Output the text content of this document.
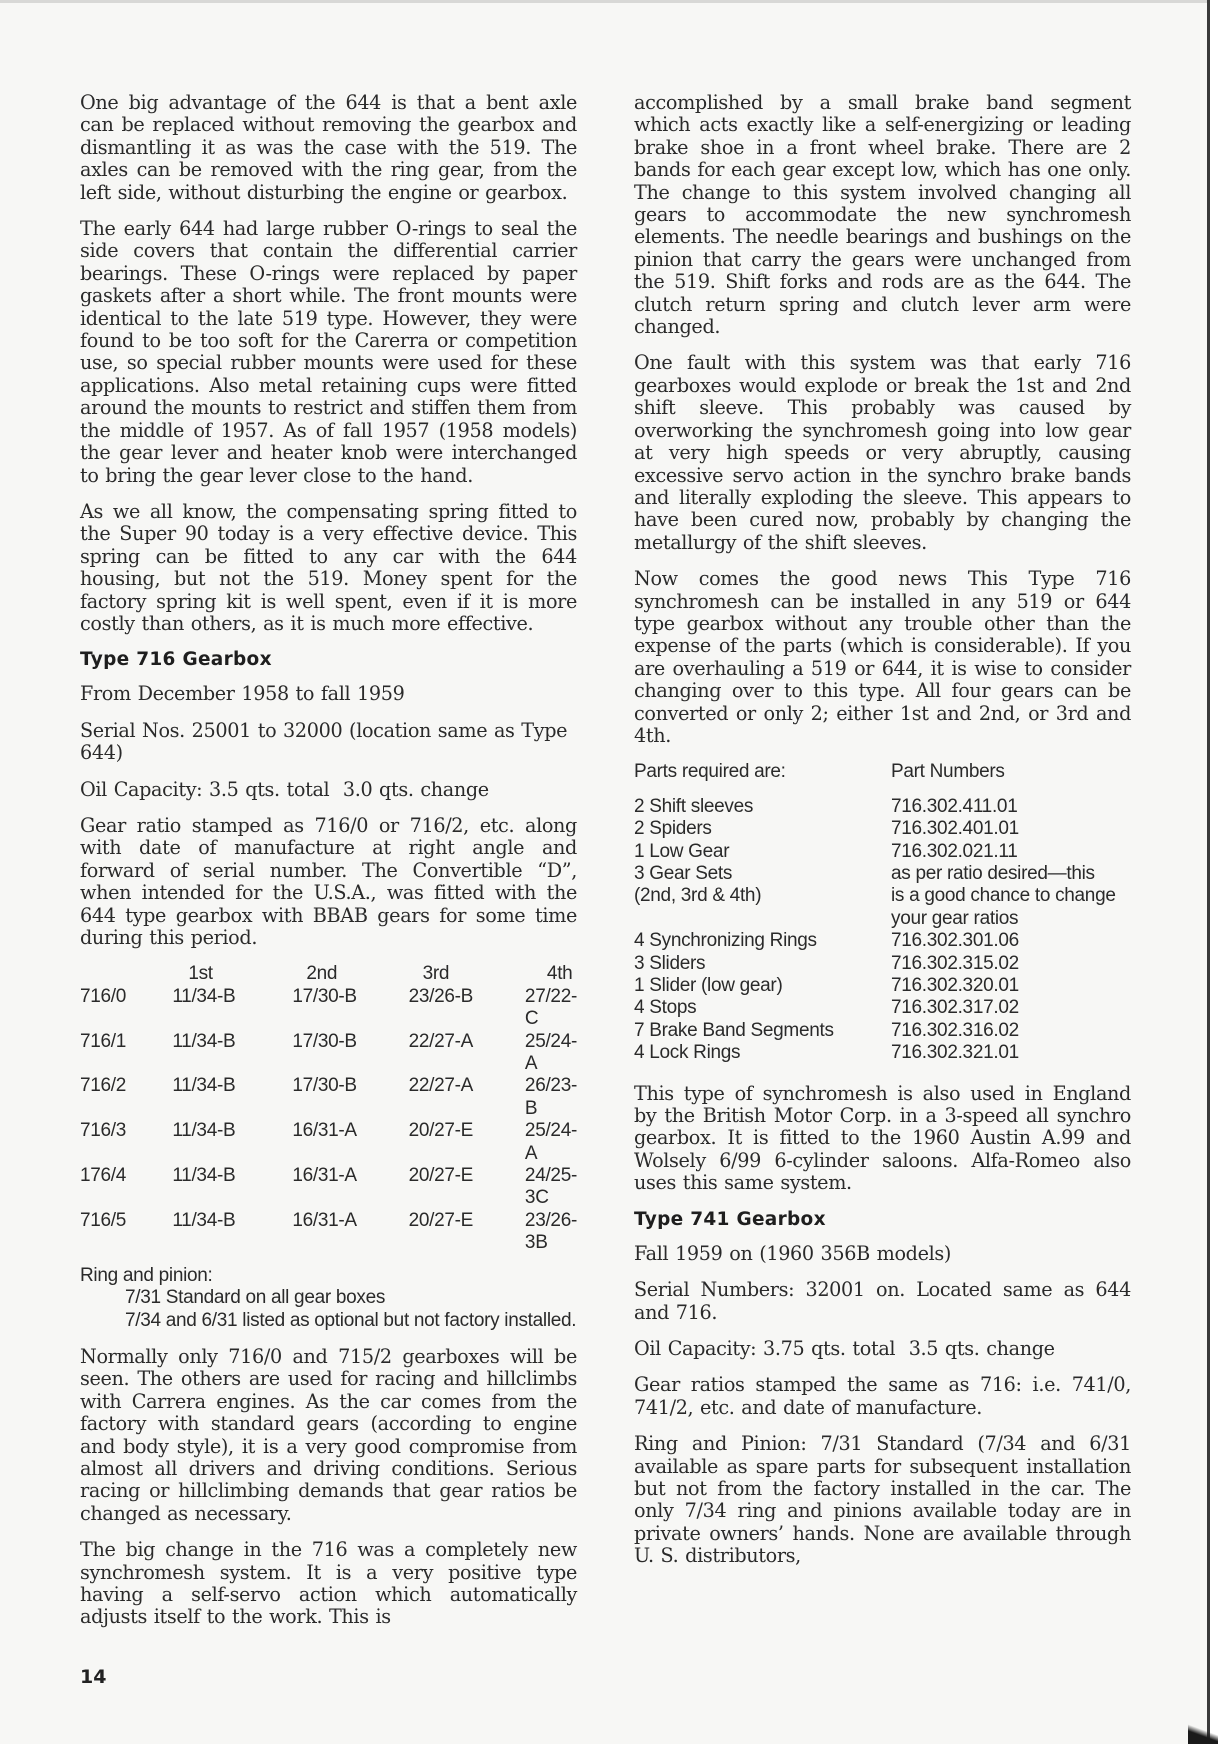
One big advantage of the 644 is that a bent axle can be replaced without removing the gearbox and dismantling it as was the case with the 519. The axles can be removed with the ring gear, from the left side, without disturbing the engine or gearbox.

The early 644 had large rubber O-rings to seal the side covers that contain the differential carrier bearings. These O-rings were replaced by paper gaskets after a short while. The front mounts were identical to the late 519 type. However, they were found to be too soft for the Carerra or competition use, so special rubber mounts were used for these applications. Also metal retaining cups were fitted around the mounts to restrict and stiffen them from the middle of 1957. As of fall 1957 (1958 models) the gear lever and heater knob were interchanged to bring the gear lever close to the hand.

As we all know, the compensating spring fitted to the Super 90 today is a very effective device. This spring can be fitted to any car with the 644 housing, but not the 519. Money spent for the factory spring kit is well spent, even if it is more costly than others, as it is much more effective.

Type 716 Gearbox

From December 1958 to fall 1959

Serial Nos. 25001 to 32000 (location same as Type 644)

Oil Capacity: 3.5 qts. total  3.0 qts. change

Gear ratio stamped as 716/0 or 716/2, etc. along with date of manufacture at right angle and forward of serial number. The Convertible “D”, when intended for the U.S.A., was fitted with the 644 type gearbox with BBAB gears for some time during this period.

	1st	2nd	3rd	4th
716/0	11/34-B	17/30-B	23/26-B	27/22-C
716/1	11/34-B	17/30-B	22/27-A	25/24-A
716/2	11/34-B	17/30-B	22/27-A	26/23-B
716/3	11/34-B	16/31-A	20/27-E	25/24-A
176/4	11/34-B	16/31-A	20/27-E	24/25-3C
716/5	11/34-B	16/31-A	20/27-E	23/26-3B
Ring and pinion:
7/31 Standard on all gear boxes
7/34 and 6/31 listed as optional but not factory installed.

Normally only 716/0 and 715/2 gearboxes will be seen. The others are used for racing and hillclimbs with Carrera engines. As the car comes from the factory with standard gears (according to engine and body style), it is a very good compromise from almost all drivers and driving conditions. Serious racing or hillclimbing demands that gear ratios be changed as necessary.

The big change in the 716 was a completely new synchromesh system. It is a very positive type having a self-servo action which automatically adjusts itself to the work. This is

accomplished by a small brake band segment which acts exactly like a self-energizing or leading brake shoe in a front wheel brake. There are 2 bands for each gear except low, which has one only. The change to this system involved changing all gears to accommodate the new synchromesh elements. The needle bearings and bushings on the pinion that carry the gears were unchanged from the 519. Shift forks and rods are as the 644. The clutch return spring and clutch lever arm were changed.

One fault with this system was that early 716 gearboxes would explode or break the 1st and 2nd shift sleeve. This probably was caused by overworking the synchromesh going into low gear at very high speeds or very abruptly, causing excessive servo action in the synchro brake bands and literally exploding the sleeve. This appears to have been cured now, probably by changing the metallurgy of the shift sleeves.

Now comes the good news This Type 716 synchromesh can be installed in any 519 or 644 type gearbox without any trouble other than the expense of the parts (which is considerable). If you are overhauling a 519 or 644, it is wise to consider changing over to this type. All four gears can be converted or only 2; either 1st and 2nd, or 3rd and 4th.

Parts required are:	Part Numbers
2 Shift sleeves	716.302.411.01
2 Spiders	716.302.401.01
1 Low Gear	716.302.021.11
3 Gear Sets	as per ratio desired—this
(2nd, 3rd & 4th)	is a good chance to change
	your gear ratios
4 Synchronizing Rings	716.302.301.06
3 Sliders	716.302.315.02
1 Slider (low gear)	716.302.320.01
4 Stops	716.302.317.02
7 Brake Band Segments	716.302.316.02
4 Lock Rings	716.302.321.01

This type of synchromesh is also used in England by the British Motor Corp. in a 3-speed all synchro gearbox. It is fitted to the 1960 Austin A.99 and Wolsely 6/99 6-cylinder saloons. Alfa-Romeo also uses this same system.

Type 741 Gearbox

Fall 1959 on (1960 356B models)

Serial Numbers: 32001 on. Located same as 644 and 716.

Oil Capacity: 3.75 qts. total  3.5 qts. change

Gear ratios stamped the same as 716: i.e. 741/0, 741/2, etc. and date of manufacture.

Ring and Pinion: 7/31 Standard (7/34 and 6/31 available as spare parts for subsequent installation but not from the factory installed in the car. The only 7/34 ring and pinions available today are in private owners’ hands. None are available through U. S. distributors,

14
